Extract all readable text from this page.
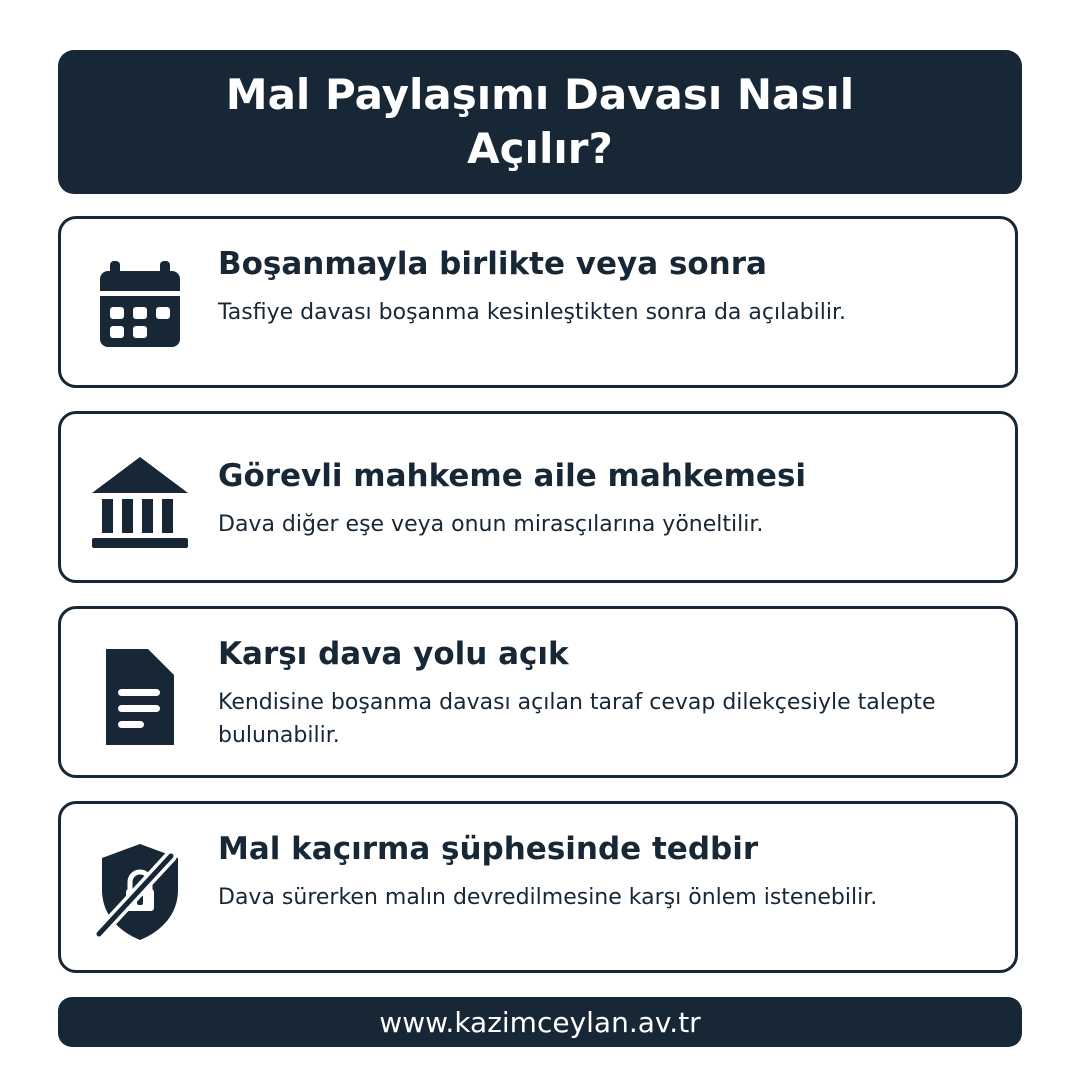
Mal Paylaşımı Davası Nasıl Açılır?
Boşanmayla birlikte veya sonra
Tasfiye davası boşanma kesinleştikten sonra da açılabilir.
Görevli mahkeme aile mahkemesi
Dava diğer eşe veya onun mirasçılarına yöneltilir.
Karşı dava yolu açık
Kendisine boşanma davası açılan taraf cevap dilekçesiyle talepte bulunabilir.
Mal kaçırma şüphesinde tedbir
Dava sürerken malın devredilmesine karşı önlem istenebilir.
www.kazimceylan.av.tr
